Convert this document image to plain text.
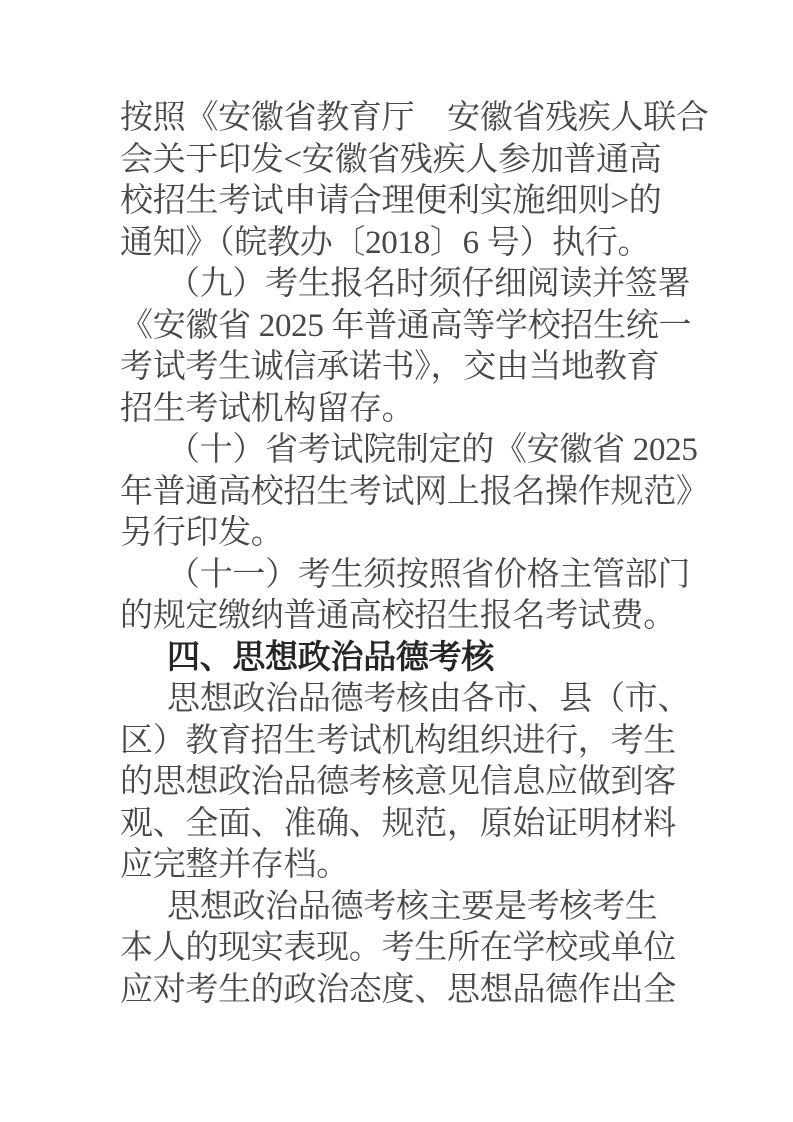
按照《安徽省教育厅　安徽省残疾人联合
会关于印发<安徽省残疾人参加普通高
校招生考试申请合理便利实施细则>的
通知》（皖教办〔2018〕6 号）执行。
（九）考生报名时须仔细阅读并签署
《安徽省 2025 年普通高等学校招生统一
考试考生诚信承诺书》，交由当地教育
招生考试机构留存。
（十）省考试院制定的《安徽省 2025
年普通高校招生考试网上报名操作规范》
另行印发。
（十一）考生须按照省价格主管部门
的规定缴纳普通高校招生报名考试费。
四、思想政治品德考核
思想政治品德考核由各市、县（市、
区）教育招生考试机构组织进行，考生
的思想政治品德考核意见信息应做到客
观、全面、准确、规范，原始证明材料
应完整并存档。
思想政治品德考核主要是考核考生
本人的现实表现。考生所在学校或单位
应对考生的政治态度、思想品德作出全
